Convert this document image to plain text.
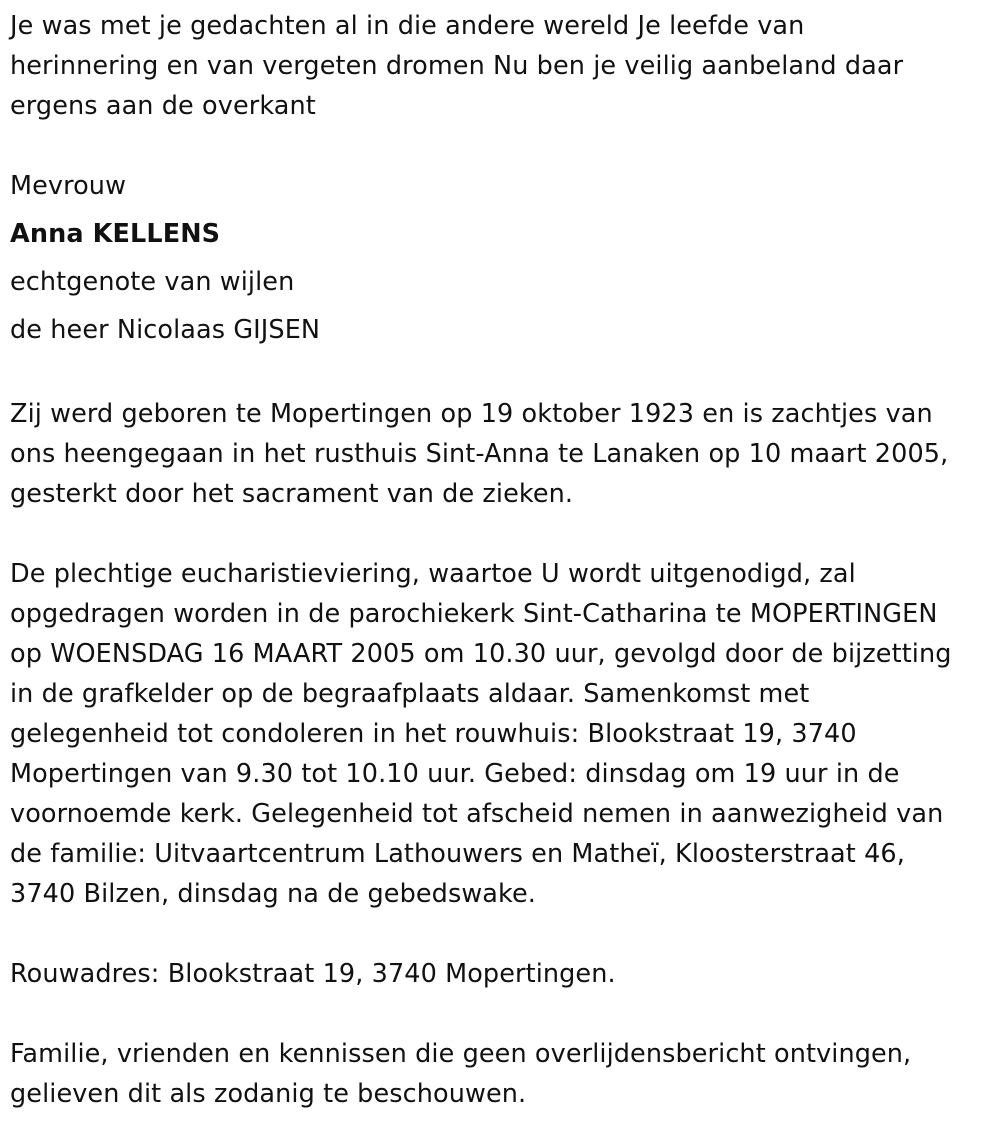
Je was met je gedachten al in die andere wereld Je leefde van
herinnering en van vergeten dromen Nu ben je veilig aanbeland daar
ergens aan de overkant
Mevrouw
Anna KELLENS
echtgenote van wijlen
de heer Nicolaas GIJSEN
Zij werd geboren te Mopertingen op 19 oktober 1923 en is zachtjes van
ons heengegaan in het rusthuis Sint-Anna te Lanaken op 10 maart 2005,
gesterkt door het sacrament van de zieken.
De plechtige eucharistieviering, waartoe U wordt uitgenodigd, zal
opgedragen worden in de parochiekerk Sint-Catharina te MOPERTINGEN
op WOENSDAG 16 MAART 2005 om 10.30 uur, gevolgd door de bijzetting
in de grafkelder op de begraafplaats aldaar. Samenkomst met
gelegenheid tot condoleren in het rouwhuis: Blookstraat 19, 3740
Mopertingen van 9.30 tot 10.10 uur. Gebed: dinsdag om 19 uur in de
voornoemde kerk. Gelegenheid tot afscheid nemen in aanwezigheid van
de familie: Uitvaartcentrum Lathouwers en Matheï, Kloosterstraat 46,
3740 Bilzen, dinsdag na de gebedswake.
Rouwadres: Blookstraat 19, 3740 Mopertingen.
Familie, vrienden en kennissen die geen overlijdensbericht ontvingen,
gelieven dit als zodanig te beschouwen.
